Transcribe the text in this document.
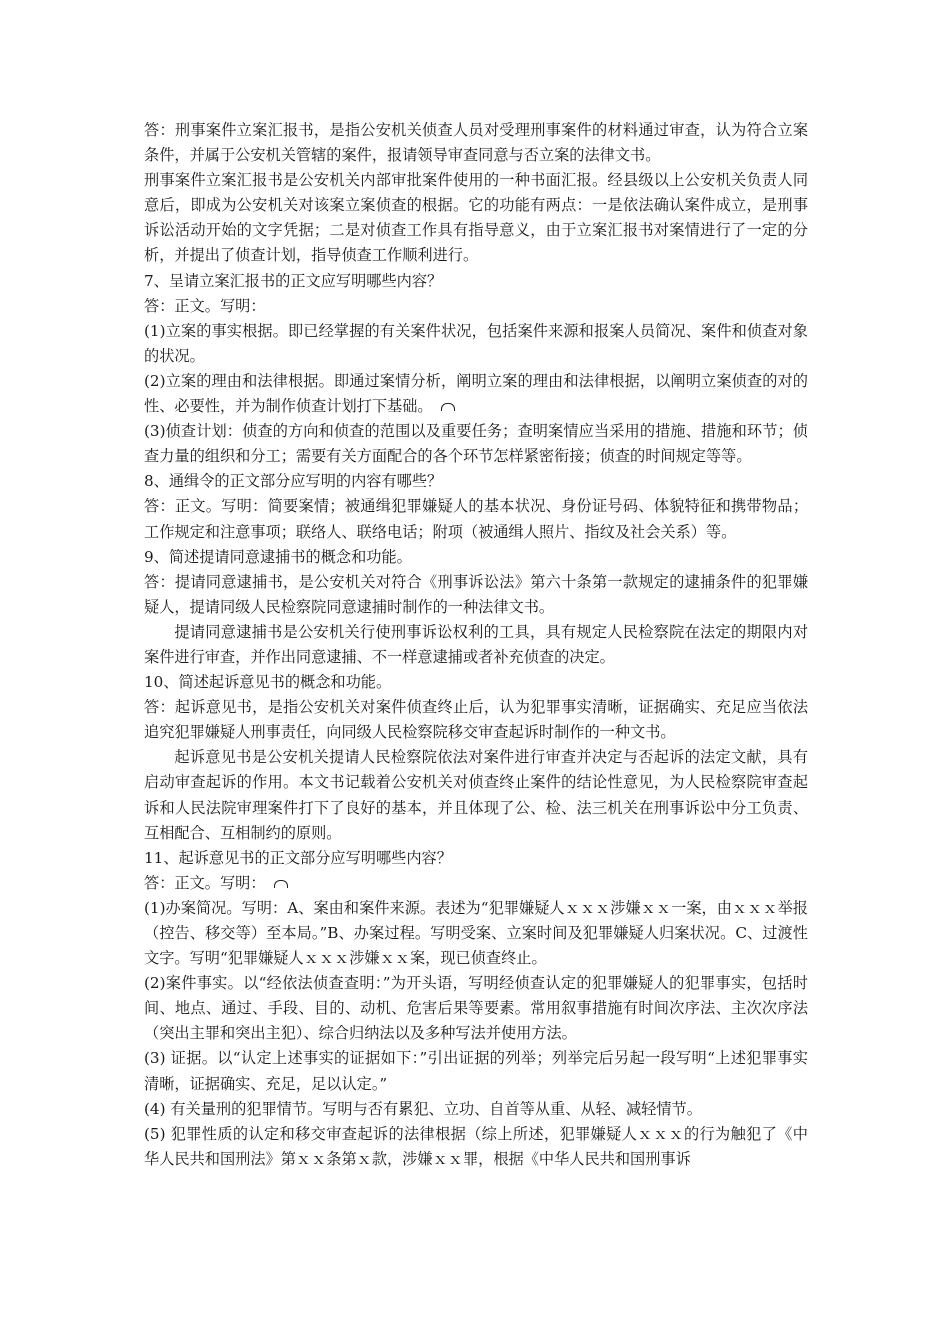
答：刑事案件立案汇报书，是指公安机关侦查人员对受理刑事案件的材料通过审查，认为符合立案条件，并属于公安机关管辖的案件，报请领导审查同意与否立案的法律文书。

刑事案件立案汇报书是公安机关内部审批案件使用的一种书面汇报。经县级以上公安机关负责人同意后，即成为公安机关对该案立案侦查的根据。它的功能有两点：一是依法确认案件成立，是刑事诉讼活动开始的文字凭据；二是对侦查工作具有指导意义，由于立案汇报书对案情进行了一定的分析，并提出了侦查计划，指导侦查工作顺利进行。

7、呈请立案汇报书的正文应写明哪些内容？

答：正文。写明：

(1)立案的事实根据。即已经掌握的有关案件状况，包括案件来源和报案人员简况、案件和侦查对象的状况。

(2)立案的理由和法律根据。即通过案情分析，阐明立案的理由和法律根据，以阐明立案侦查的对的性、必要性，并为制作侦查计划打下基础。

(3)侦查计划：侦查的方向和侦查的范围以及重要任务；查明案情应当采用的措施、措施和环节；侦查力量的组织和分工；需要有关方面配合的各个环节怎样紧密衔接；侦查的时间规定等等。

8、通缉令的正文部分应写明的内容有哪些？

答：正文。写明：简要案情；被通缉犯罪嫌疑人的基本状况、身份证号码、体貌特征和携带物品；工作规定和注意事项；联络人、联络电话；附项（被通缉人照片、指纹及社会关系）等。

9、简述提请同意逮捕书的概念和功能。

答：提请同意逮捕书，是公安机关对符合《刑事诉讼法》第六十条第一款规定的逮捕条件的犯罪嫌疑人，提请同级人民检察院同意逮捕时制作的一种法律文书。

提请同意逮捕书是公安机关行使刑事诉讼权利的工具，具有规定人民检察院在法定的期限内对案件进行审查，并作出同意逮捕、不一样意逮捕或者补充侦查的决定。

10、简述起诉意见书的概念和功能。

答：起诉意见书，是指公安机关对案件侦查终止后，认为犯罪事实清晰，证据确实、充足应当依法追究犯罪嫌疑人刑事责任，向同级人民检察院移交审查起诉时制作的一种文书。

起诉意见书是公安机关提请人民检察院依法对案件进行审查并决定与否起诉的法定文献，具有启动审查起诉的作用。本文书记载着公安机关对侦查终止案件的结论性意见，为人民检察院审查起诉和人民法院审理案件打下了良好的基本，并且体现了公、检、法三机关在刑事诉讼中分工负责、互相配合、互相制约的原则。

11、起诉意见书的正文部分应写明哪些内容？

答：正文。写明：

(1)办案简况。写明：A、案由和案件来源。表述为“犯罪嫌疑人ｘｘｘ涉嫌ｘｘ一案，由ｘｘｘ举报（控告、移交等）至本局。”B、办案过程。写明受案、立案时间及犯罪嫌疑人归案状况。C、过渡性文字。写明“犯罪嫌疑人ｘｘｘ涉嫌ｘｘ案，现已侦查终止。

(2)案件事实。以“经依法侦查查明：”为开头语，写明经侦查认定的犯罪嫌疑人的犯罪事实，包括时间、地点、通过、手段、目的、动机、危害后果等要素。常用叙事措施有时间次序法、主次次序法（突出主罪和突出主犯）、综合归纳法以及多种写法并使用方法。

(3) 证据。以“认定上述事实的证据如下：”引出证据的列举；列举完后另起一段写明“上述犯罪事实清晰，证据确实、充足，足以认定。”

(4) 有关量刑的犯罪情节。写明与否有累犯、立功、自首等从重、从轻、减轻情节。

(5) 犯罪性质的认定和移交审查起诉的法律根据（综上所述，犯罪嫌疑人ｘｘｘ的行为触犯了《中华人民共和国刑法》第ｘｘ条第ｘ款，涉嫌ｘｘ罪，根据《中华人民共和国刑事诉
